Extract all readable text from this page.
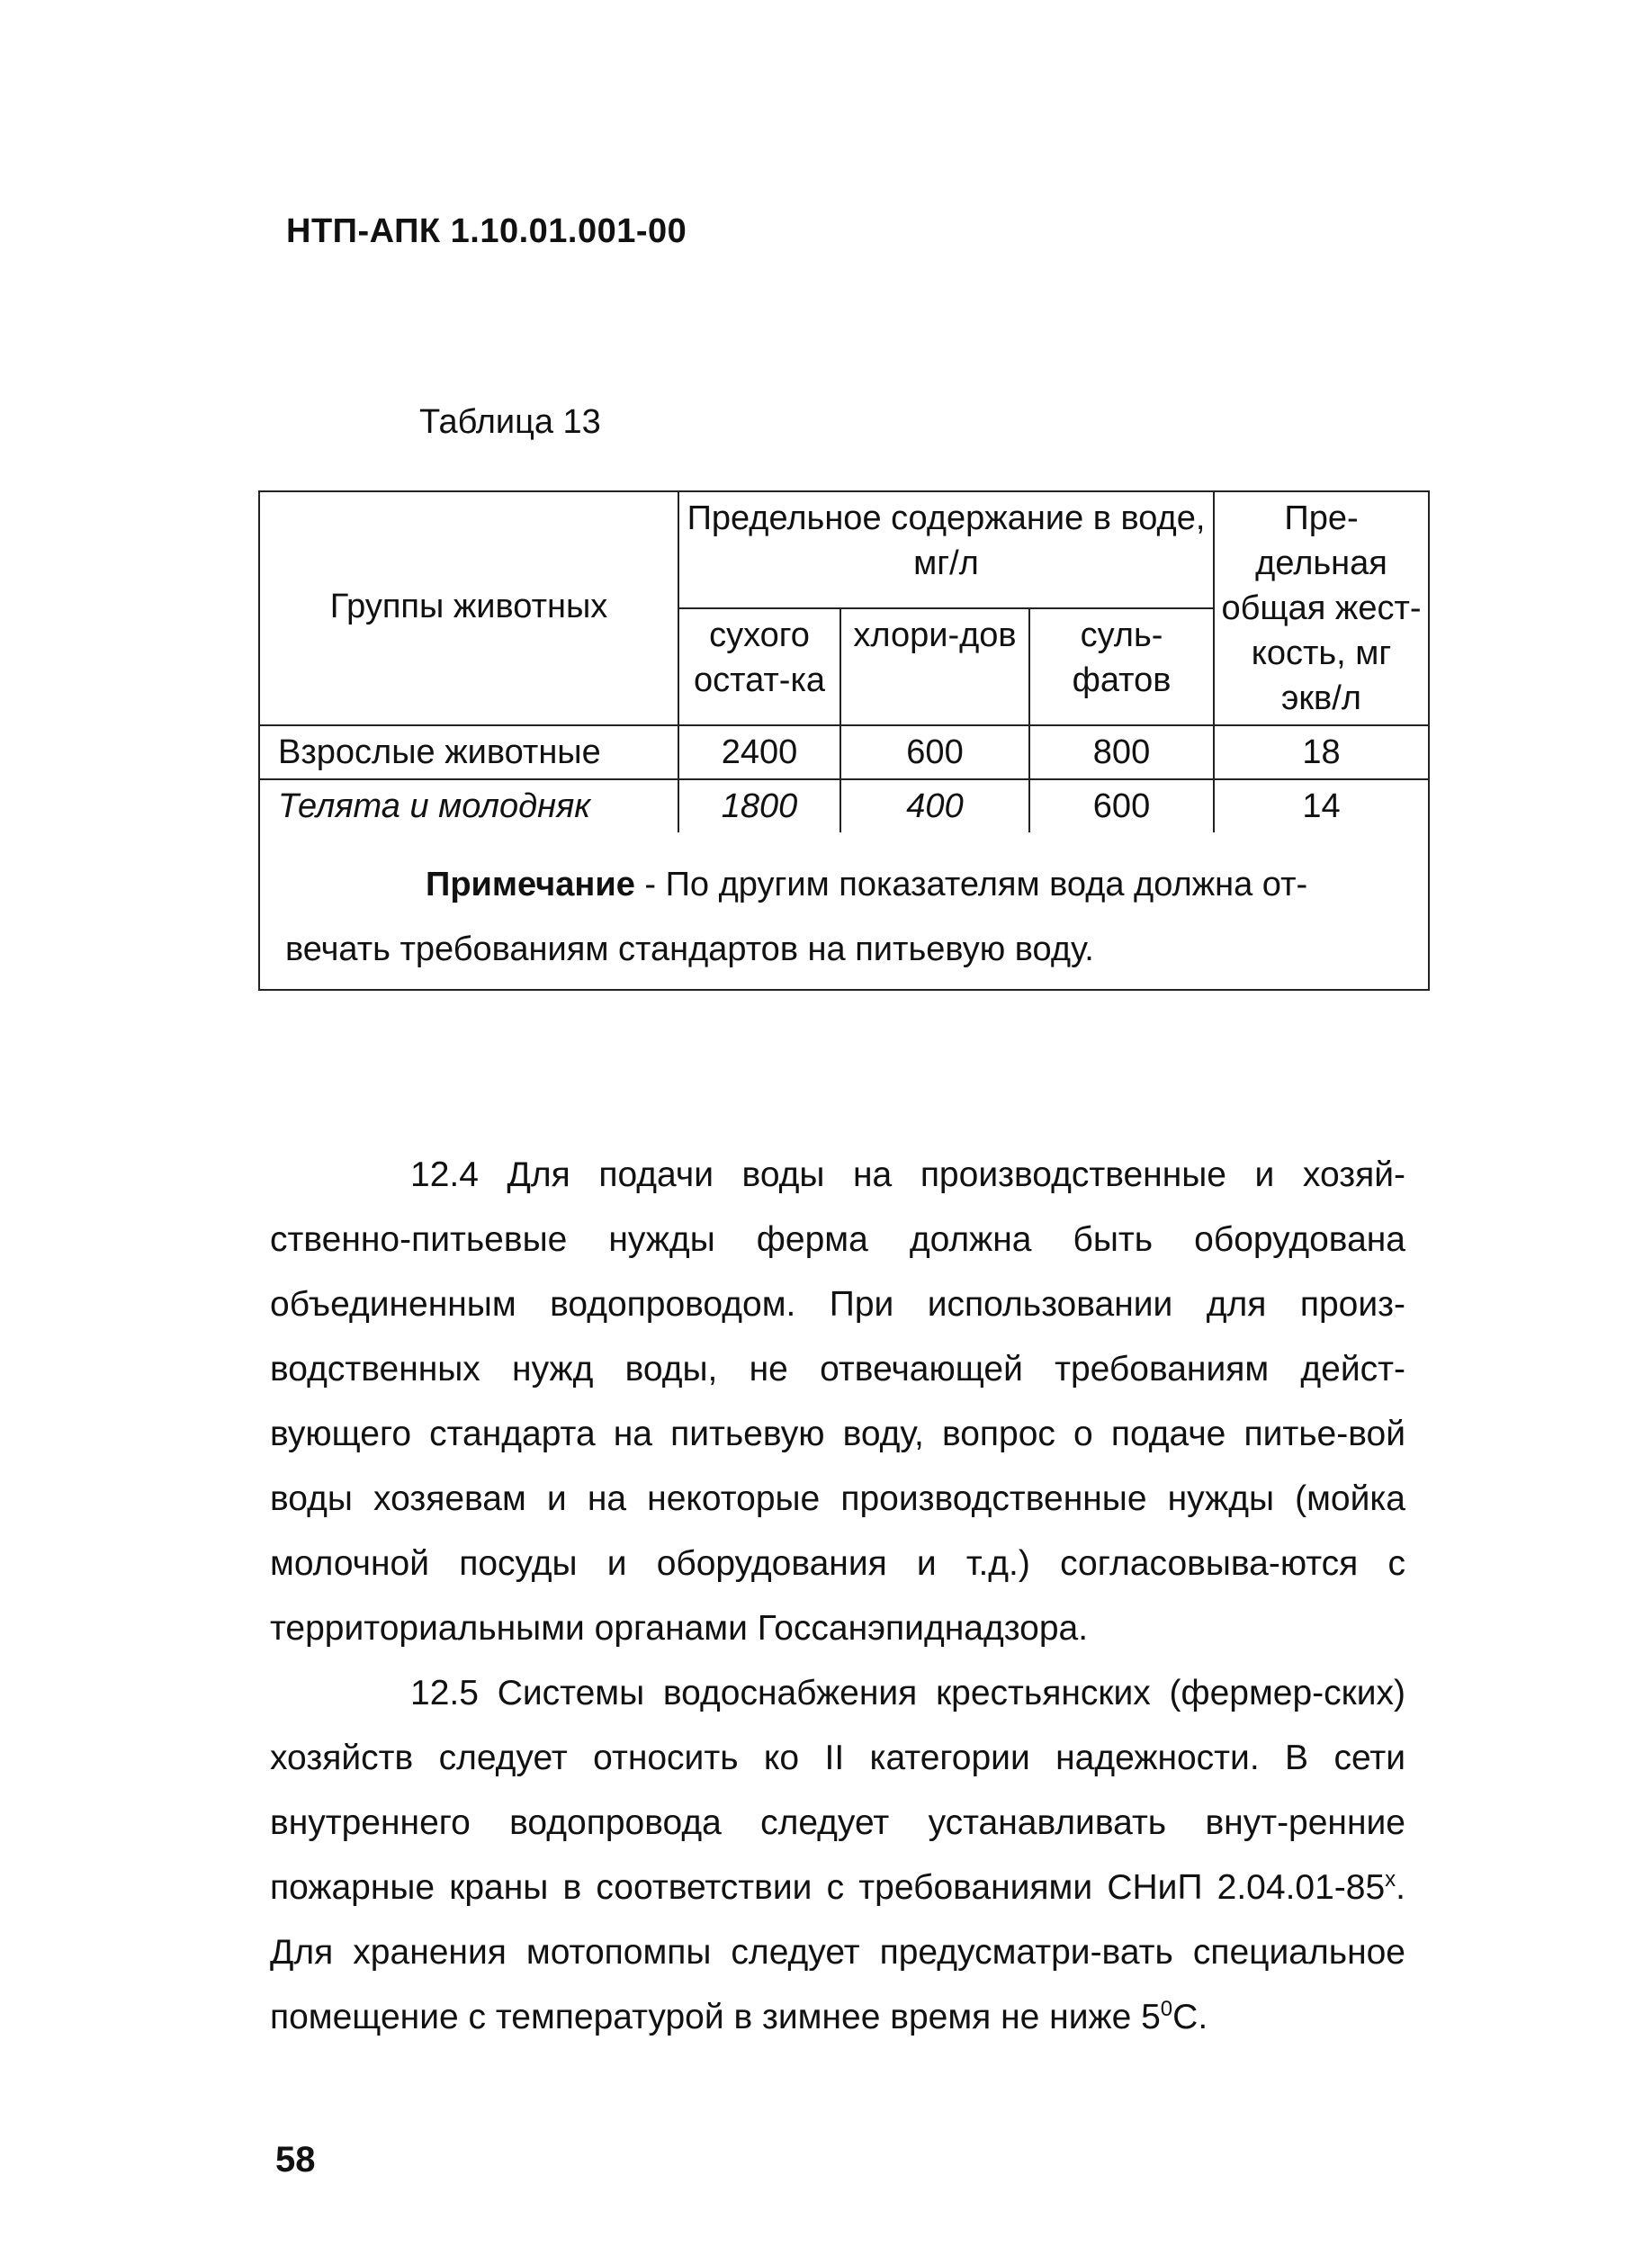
НТП-АПК 1.10.01.001-00
Таблица 13
Группы животных	Предельное содержание в воде, мг/л			Пре-дельная общая жест-кость, мг экв/л
	сухого остат-ка	хлори-дов	суль-фатов	
Взрослые животные	2400	600	800	18
Телята и молодняк	1800	400	600	14
Примечание - По другим показателям вода должна от-вечать требованиям стандартов на питьевую воду.				
12.4 Для подачи воды на производственные и хозяй-ственно-питьевые нужды ферма должна быть оборудована объединенным водопроводом. При использовании для произ-водственных нужд воды, не отвечающей требованиям дейст-вующего стандарта на питьевую воду, вопрос о подаче питье-вой воды хозяевам и на некоторые производственные нужды (мойка молочной посуды и оборудования и т.д.) согласовыва-ются с территориальными органами Госсанэпиднадзора.
12.5 Системы водоснабжения крестьянских (фермер-ских) хозяйств следует относить ко II категории надежности. В сети внутреннего водопровода следует устанавливать внут-ренние пожарные краны в соответствии с требованиями СНиП $2.04.01-85^х$. Для хранения мотопомпы следует предусматри-вать специальное помещение с температурой в зимнее время не ниже $5^0С$.
58
